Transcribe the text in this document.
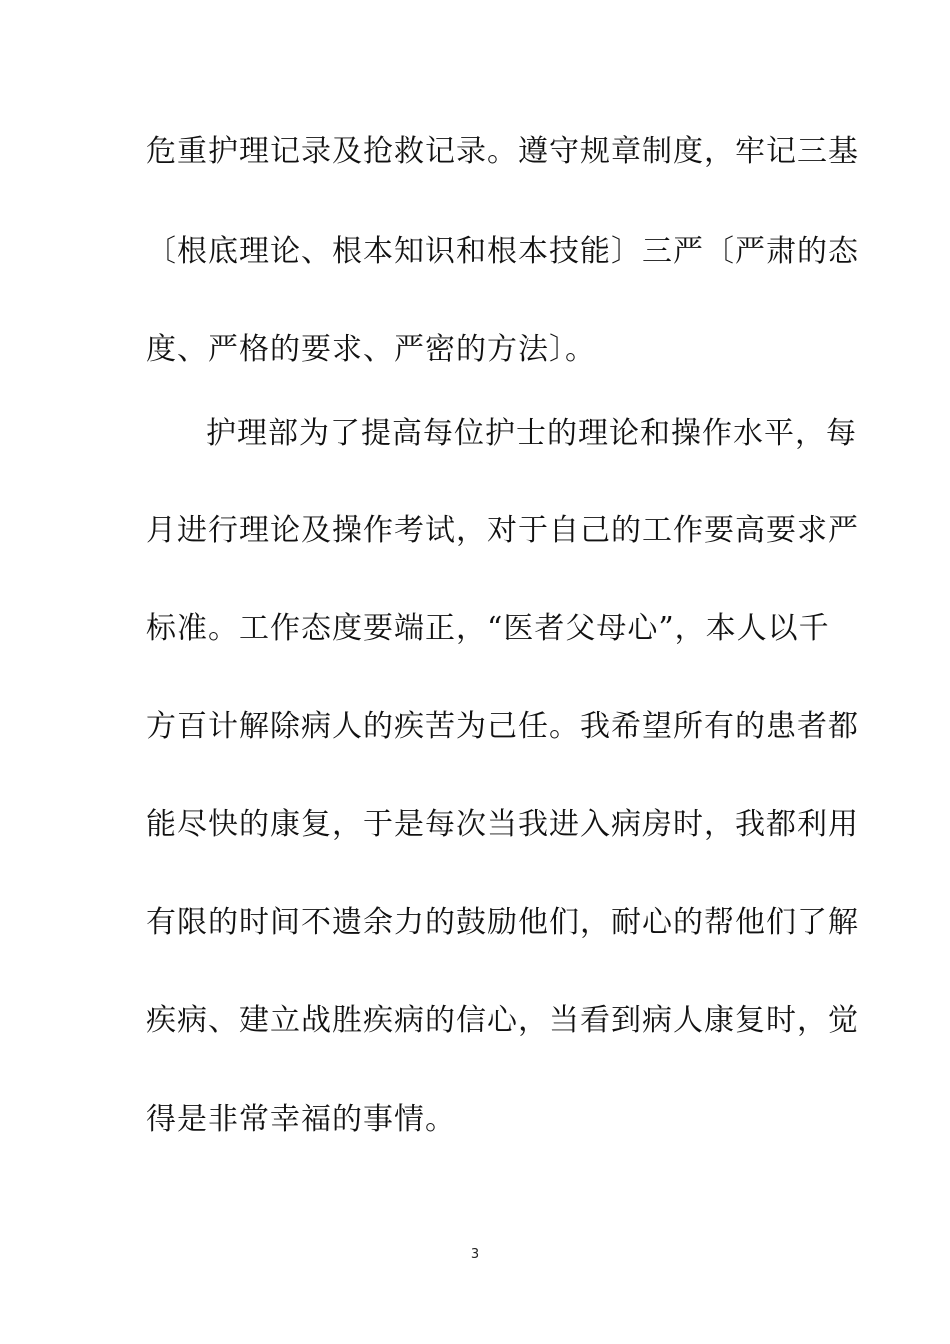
危重护理记录及抢救记录。遵守规章制度，牢记三基
〔根底理论、根本知识和根本技能〕三严〔严肃的态
度、严格的要求、严密的方法〕。
护理部为了提高每位护士的理论和操作水平，每
月进行理论及操作考试，对于自己的工作要高要求严
标准。工作态度要端正，“医者父母心”，本人以千
方百计解除病人的疾苦为己任。我希望所有的患者都
能尽快的康复，于是每次当我进入病房时，我都利用
有限的时间不遗余力的鼓励他们，耐心的帮他们了解
疾病、建立战胜疾病的信心，当看到病人康复时，觉
得是非常幸福的事情。
3
